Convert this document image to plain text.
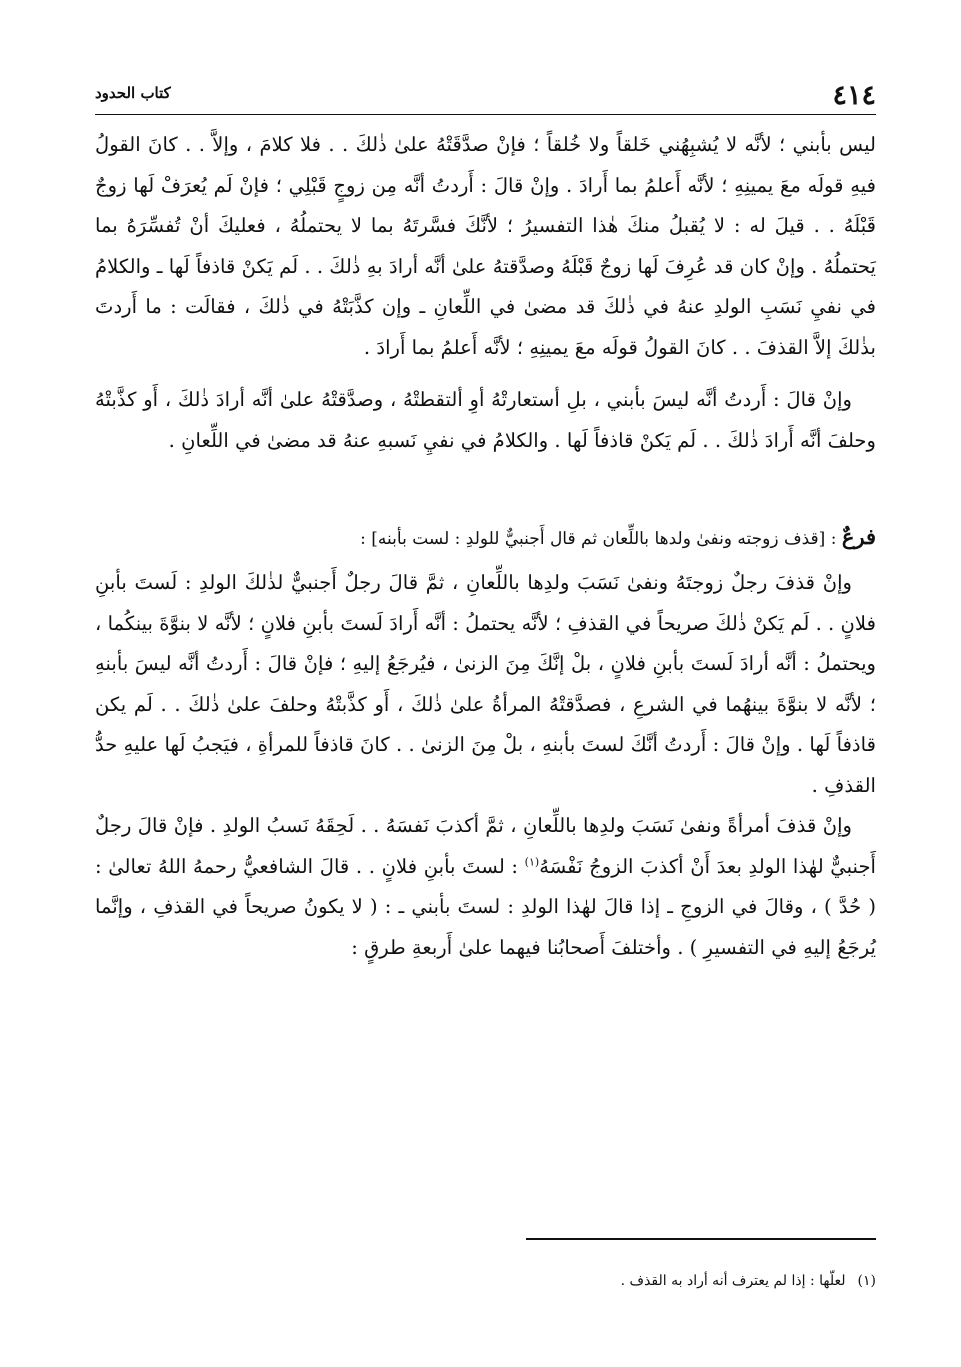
٤١٤
كتاب الحدود

ليس بأبني ؛ لأنَّه لا يُشبِهُني خَلقاً ولا خُلقاً ؛ فإنْ صدَّقَتْهُ علىٰ ذٰلكَ . . فلا كلامَ ، وإلاَّ . . كانَ القولُ فيهِ قولَه معَ يمينِهِ ؛ لأنَّه أَعلمُ بما أَرادَ . وإنْ قالَ : أَردتُ أنَّه مِن زوجٍ قَبْلِي ؛ فإنْ لَم يُعرَفْ لَها زوجٌ قَبْلَهُ . . قيلَ له : لا يُقبلُ منكَ هٰذا التفسيرُ ؛ لأنَّكَ فسَّرتَهُ بما لا يحتملُهُ ، فعليكَ أنْ تُفسِّرَهُ بما يَحتملُهُ . وإنْ كان قد عُرِفَ لَها زوجٌ قَبْلَهُ وصدَّقتهُ علىٰ أنَّه أرادَ بهِ ذٰلكَ . . لَم يَكنْ قاذفاً لَها ـ والكلامُ في نفيِ نَسَبِ الولدِ عنهُ في ذٰلكَ قد مضىٰ في اللِّعانِ ـ وإن كذَّبَتْهُ في ذٰلكَ ، فقالَت : ما أَردتَ بذٰلكَ إلاَّ القذفَ . . كانَ القولُ قولَه معَ يمينِهِ ؛ لأنَّه أَعلمُ بما أَرادَ .

وإنْ قالَ : أَردتُ أنَّه ليسَ بأبني ، بلِ أستعارتْهُ أوِ ألتقطتْهُ ، وصدَّقتْهُ علىٰ أنَّه أرادَ ذٰلكَ ، أَو كذَّبتْهُ وحلفَ أنَّه أَرادَ ذٰلكَ . . لَم يَكنْ قاذفاً لَها . والكلامُ في نفيِ نَسبهِ عنهُ قد مضىٰ في اللِّعانِ .

فرعٌ : [قذف زوجته ونفىٰ ولدها باللِّعان ثم قال أَجنبيٌّ للولدِ : لست بأبنه] :

وإنْ قذفَ رجلٌ زوجتَهُ ونفىٰ نَسَبَ ولدِها باللِّعانِ ، ثمَّ قالَ رجلٌ أَجنبيٌّ لذٰلكَ الولدِ : لَستَ بأبنِ فلانٍ . . لَم يَكنْ ذٰلكَ صريحاً في القذفِ ؛ لأنَّه يحتملُ : أنَّه أَرادَ لَستَ بأبنِ فلانٍ ؛ لأنَّه لا بنوَّةَ بينكُما ، ويحتملُ : أنَّه أرادَ لَستَ بأبنِ فلانٍ ، بلْ إنَّكَ مِنَ الزنىٰ ، فيُرجَعُ إليهِ ؛ فإنْ قالَ : أَردتُ أنَّه ليسَ بأبنهِ ؛ لأنَّه لا بنوَّةَ بينهُما في الشرعِ ، فصدَّقتْهُ المرأةُ علىٰ ذٰلكَ ، أَو كذَّبتْهُ وحلفَ علىٰ ذٰلكَ . . لَم يكن قاذفاً لَها . وإنْ قالَ : أَردتُ أنَّكَ لستَ بأبنهِ ، بلْ مِنَ الزنىٰ . . كانَ قاذفاً للمرأةِ ، فيَجبُ لَها عليهِ حدُّ القذفِ .

وإنْ قذفَ أمرأةً ونفىٰ نَسَبَ ولدِها باللِّعانِ ، ثمَّ أكذبَ نَفسَهُ . . لَحِقَهُ نَسبُ الولدِ . فإنْ قالَ رجلٌ أَجنبيٌّ لهٰذا الولدِ بعدَ أَنْ أكذبَ الزوجُ نَفْسَهُ$^{(١)}$ : لستَ بأبنِ فلانٍ . . قالَ الشافعيُّ رحمهُ اللهُ تعالىٰ : ( حُدَّ ) ، وقالَ في الزوجِ ـ إذا قالَ لهٰذا الولدِ : لستَ بأبني ـ : ( لا يكونُ صريحاً في القذفِ ، وإنَّما يُرجَعُ إليهِ في التفسيرِ ) . وأختلفَ أَصحابُنا فيهما علىٰ أَربعةِ طرقٍ :

(١)لعلّها : إذا لم يعترف أنه أراد به القذف .
